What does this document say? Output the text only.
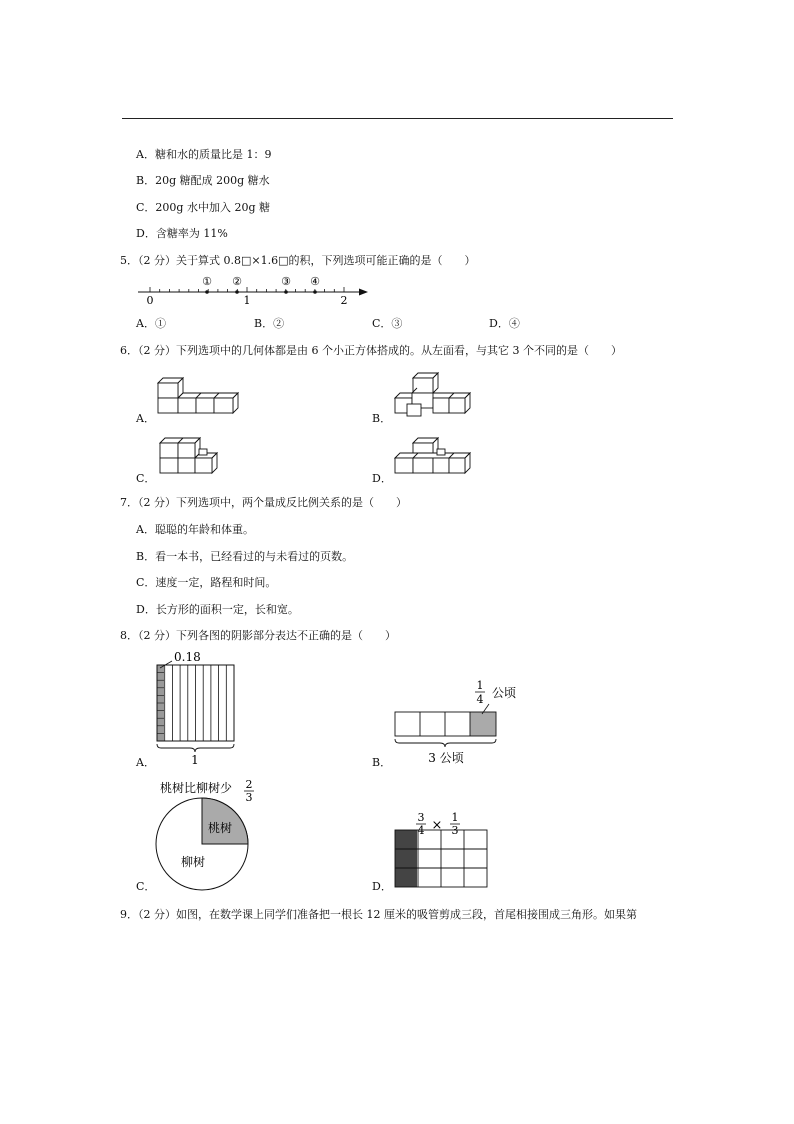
A．糖和水的质量比是 1：9
B．20g 糖配成 200g 糖水
C．200g 水中加入 20g 糖
D．含糖率为 11%
5．（2 分）关于算式 0.8□×1.6□的积，下列选项可能正确的是（　　）
0	1	2
① ②	③ ④
A．①	B．②	C．③	D．④
6．（2 分）下列选项中的几何体都是由 6 个小正方体搭成的。从左面看，与其它 3 个不同的是（　　）
A．	B．
C．	D．
7．（2 分）下列选项中，两个量成反比例关系的是（　　）
A．聪聪的年龄和体重。
B．看一本书，已经看过的与未看过的页数。
C．速度一定，路程和时间。
D．长方形的面积一定，长和宽。
8．（2 分）下列各图的阴影部分表达不正确的是（　　）
A．	B．
C．	D．
0.18
1
1
4 公顷
3 公顷
桃树比柳树少 2
3
桃树
柳树
3
4 ×
1
3
9．（2 分）如图，在数学课上同学们准备把一根长 12 厘米的吸管剪成三段，首尾相接围成三角形。如果第
